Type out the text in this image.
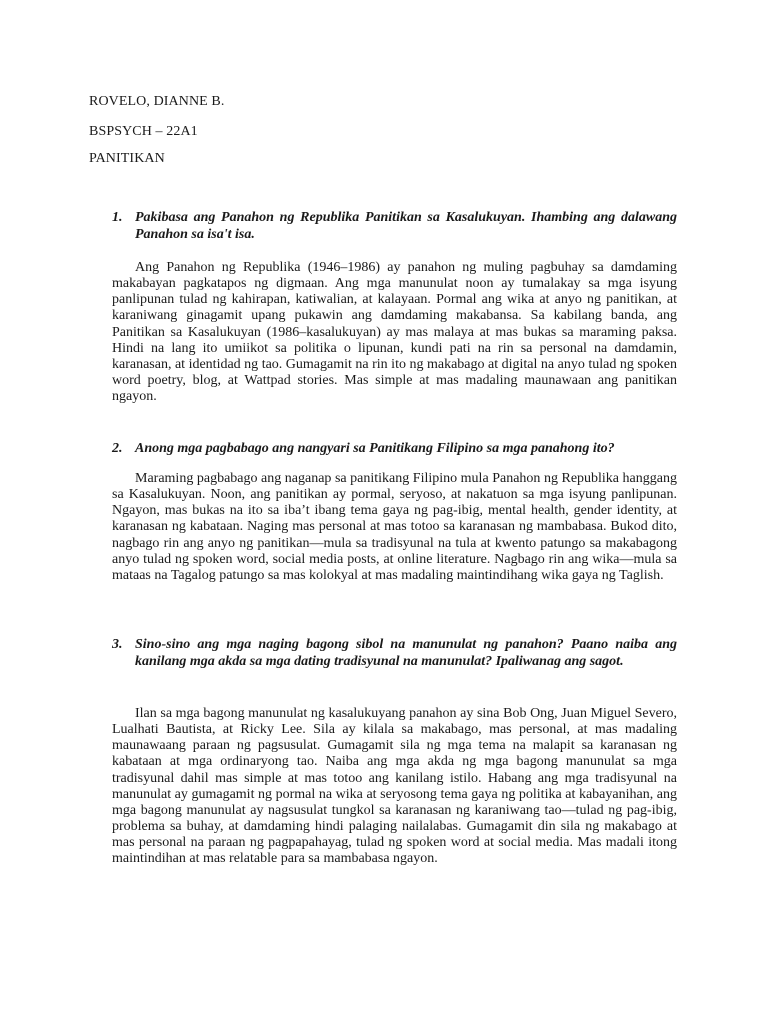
ROVELO, DIANNE B.
BSPSYCH – 22A1
PANITIKAN
1. Pakibasa ang Panahon ng Republika Panitikan sa Kasalukuyan. Ihambing ang dalawang Panahon sa isa't isa.

Ang Panahon ng Republika (1946–1986) ay panahon ng muling pagbuhay sa damdaming makabayan pagkatapos ng digmaan. Ang mga manunulat noon ay tumalakay sa mga isyung panlipunan tulad ng kahirapan, katiwalian, at kalayaan. Pormal ang wika at anyo ng panitikan, at karaniwang ginagamit upang pukawin ang damdaming makabansa. Sa kabilang banda, ang Panitikan sa Kasalukuyan (1986–kasalukuyan) ay mas malaya at mas bukas sa maraming paksa. Hindi na lang ito umiikot sa politika o lipunan, kundi pati na rin sa personal na damdamin, karanasan, at identidad ng tao. Gumagamit na rin ito ng makabago at digital na anyo tulad ng spoken word poetry, blog, at Wattpad stories. Mas simple at mas madaling maunawaan ang panitikan ngayon.

2. Anong mga pagbabago ang nangyari sa Panitikang Filipino sa mga panahong ito?

Maraming pagbabago ang naganap sa panitikang Filipino mula Panahon ng Republika hanggang sa Kasalukuyan. Noon, ang panitikan ay pormal, seryoso, at nakatuon sa mga isyung panlipunan. Ngayon, mas bukas na ito sa iba’t ibang tema gaya ng pag-ibig, mental health, gender identity, at karanasan ng kabataan. Naging mas personal at mas totoo sa karanasan ng mambabasa. Bukod dito, nagbago rin ang anyo ng panitikan—mula sa tradisyunal na tula at kwento patungo sa makabagong anyo tulad ng spoken word, social media posts, at online literature. Nagbago rin ang wika—mula sa mataas na Tagalog patungo sa mas kolokyal at mas madaling maintindihang wika gaya ng Taglish.

3. Sino-sino ang mga naging bagong sibol na manunulat ng panahon? Paano naiba ang kanilang mga akda sa mga dating tradisyunal na manunulat? Ipaliwanag ang sagot.

Ilan sa mga bagong manunulat ng kasalukuyang panahon ay sina Bob Ong, Juan Miguel Severo, Lualhati Bautista, at Ricky Lee. Sila ay kilala sa makabago, mas personal, at mas madaling maunawaang paraan ng pagsusulat. Gumagamit sila ng mga tema na malapit sa karanasan ng kabataan at mga ordinaryong tao. Naiba ang mga akda ng mga bagong manunulat sa mga tradisyunal dahil mas simple at mas totoo ang kanilang istilo. Habang ang mga tradisyunal na manunulat ay gumagamit ng pormal na wika at seryosong tema gaya ng politika at kabayanihan, ang mga bagong manunulat ay nagsusulat tungkol sa karanasan ng karaniwang tao—tulad ng pag-ibig, problema sa buhay, at damdaming hindi palaging nailalabas. Gumagamit din sila ng makabago at mas personal na paraan ng pagpapahayag, tulad ng spoken word at social media. Mas madali itong maintindihan at mas relatable para sa mambabasa ngayon.
